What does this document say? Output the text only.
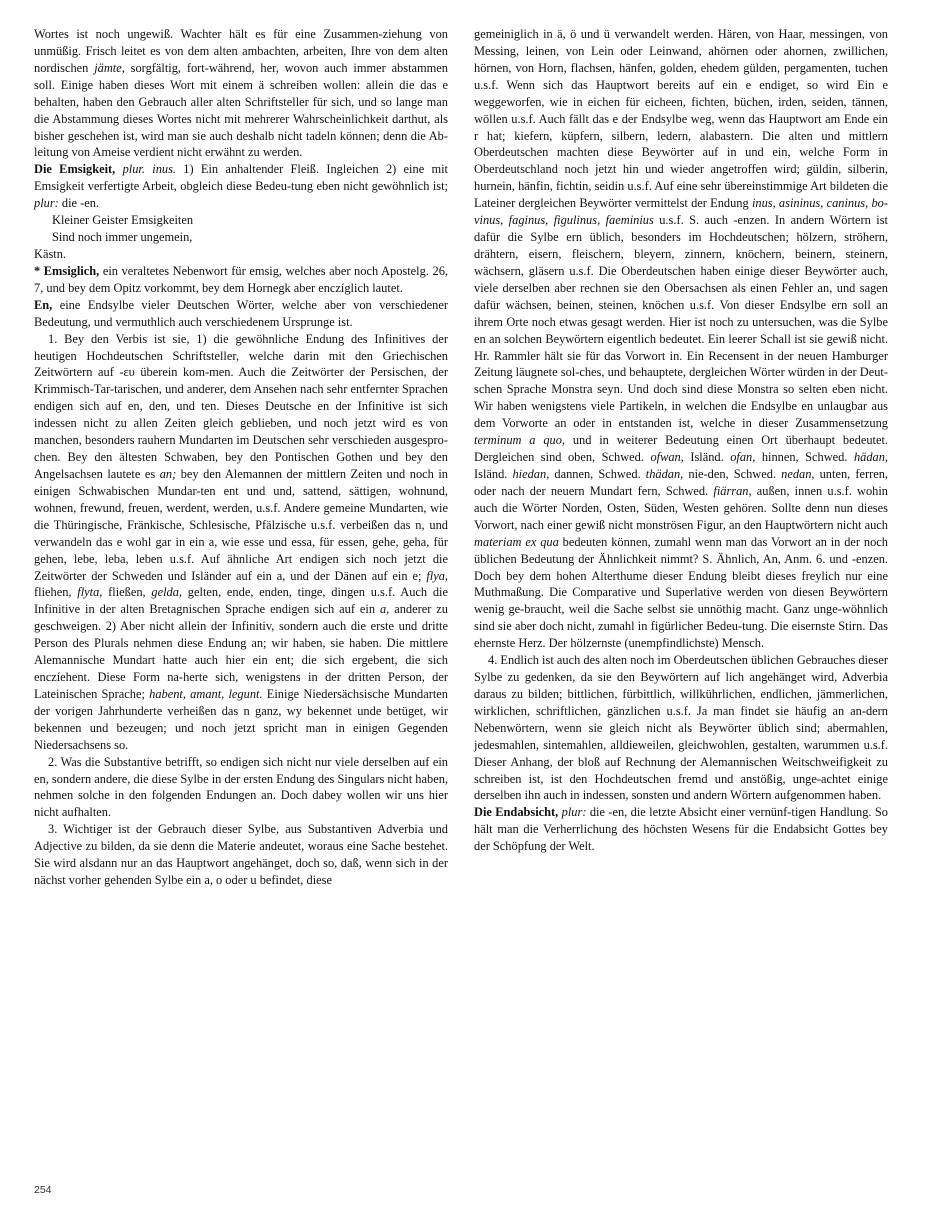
Wortes ist noch ungewiß. Wachter hält es für eine Zusammen-ziehung von unmüßig. Frisch leitet es von dem alten ambachten, arbeiten, Ihre von dem alten nordischen jämte, sorgfältig, fort-während, her, wovon auch immer abstammen soll. Einige haben dieses Wort mit einem ä schreiben wollen: allein die das e behalten, haben den Gebrauch aller alten Schriftsteller für sich, und so lange man die Abstammung dieses Wortes nicht mit mehrerer Wahrscheinlichkeit darthut, als bisher geschehen ist, wird man sie auch deshalb nicht tadeln können; denn die Ab-leitung von Ameise verdient nicht erwähnt zu werden.

Die Emsigkeit, plur. inus. 1) Ein anhaltender Fleiß. Ingleichen 2) eine mit Emsigkeit verfertigte Arbeit, obgleich diese Bedeu-tung eben nicht gewöhnlich ist; plur: die -en.

Kleiner Geister Emsigkeiten

Sind noch immer ungemein,

Kästn.

* Emsiglich, ein veraltetes Nebenwort für emsig, welches aber noch Apostelg. 26, 7, und bey dem Opitz vorkommt, bey dem Hornegk aber enczíglich lautet.

En, eine Endsylbe vieler Deutschen Wörter, welche aber von verschiedener Bedeutung, und vermuthlich auch verschiedenem Ursprunge ist.

1. Bey den Verbis ist sie, 1) die gewöhnliche Endung des Infinitives der heutigen Hochdeutschen Schriftsteller, welche darin mit den Griechischen Zeitwörtern auf -ευ überein kom-men. Auch die Zeitwörter der Persischen, der Krimmisch-Tar-tarischen, und anderer, dem Ansehen nach sehr entfernter Sprachen endigen sich auf en, den, und ten. Dieses Deutsche en der Infinitive ist sich indessen nicht zu allen Zeiten gleich geblieben, und noch jetzt wird es von manchen, besonders rauhern Mundarten im Deutschen sehr verschieden ausgespro-chen. Bey den ältesten Schwaben, bey den Pontischen Gothen und bey den Angelsachsen lautete es an; bey den Alemannen der mittlern Zeiten und noch in einigen Schwabischen Mundar-ten ent und und, sattend, sättigen, wohnund, wohnen, frewund, freuen, werdent, werden, u.s.f. Andere gemeine Mundarten, wie die Thüringische, Fränkische, Schlesische, Pfälzische u.s.f. verbeißen das n, und verwandeln das e wohl gar in ein a, wie esse und essa, für essen, gehe, geha, für gehen, lebe, leba, leben u.s.f. Auf ähnliche Art endigen sich noch jetzt die Zeitwörter der Schweden und Isländer auf ein a, und der Dänen auf ein e; flyɑ, fliehen, flytɑ, fließen, geldɑ, gelten, ende, enden, tinge, dingen u.s.f. Auch die Infinitive in der alten Bretagnischen Sprache endigen sich auf ein a, anderer zu geschweigen. 2) Aber nicht allein der Infinitiv, sondern auch die erste und dritte Person des Plurals nehmen diese Endung an; wir haben, sie haben. Die mittlere Alemannische Mundart hatte auch hier ein ent; die sich ergebent, die sich enczíehent. Diese Form na-herte sich, wenigstens in der dritten Person, der Lateinischen Sprache; habent, amant, legunt. Einige Niedersächsische Mundarten der vorigen Jahrhunderte verheißen das n ganz, wy bekennet unde betüget, wir bekennen und bezeugen; und noch jetzt spricht man in einigen Gegenden Niedersachsens so.

2. Was die Substantive betrifft, so endigen sich nicht nur viele derselben auf ein en, sondern andere, die diese Sylbe in der ersten Endung des Singulars nicht haben, nehmen solche in den folgenden Endungen an. Doch dabey wollen wir uns hier nicht aufhalten.

3. Wichtiger ist der Gebrauch dieser Sylbe, aus Substantiven Adverbia und Adjective zu bilden, da sie denn die Materie andeutet, woraus eine Sache bestehet. Sie wird alsdann nur an das Hauptwort angehänget, doch so, daß, wenn sich in der nächst vorher gehenden Sylbe ein a, o oder u befindet, diese

gemeiniglich in ä, ö und ü verwandelt werden. Hären, von Haar, messingen, von Messing, leinen, von Lein oder Leinwand, ahörnen oder ahornen, zwillichen, hörnen, von Horn, flachsen, hänfen, golden, ehedem gülden, pergamenten, tuchen u.s.f. Wenn sich das Hauptwort bereits auf ein e endiget, so wird Ein e weggeworfen, wie in eichen für eicheen, fichten, büchen, irden, seiden, tännen, wöllen u.s.f. Auch fällt das e der Endsylbe weg, wenn das Hauptwort am Ende ein r hat; kiefern, küpfern, silbern, ledern, alabastern. Die alten und mittlern Oberdeutschen machten diese Beywörter auf in und ein, welche Form in Oberdeutschland noch jetzt hin und wieder angetroffen wird; güldin, silberin, hurnein, hänfin, fichtin, seidin u.s.f. Auf eine sehr übereinstimmige Art bildeten die Lateiner dergleichen Beywörter vermittelst der Endung inus, asininus, caninus, bo-vinus, faginus, figulinus, faeminius u.s.f. S. auch -enzen. In andern Wörtern ist dafür die Sylbe ern üblich, besonders im Hochdeutschen; hölzern, ströhern, drähtern, eisern, fleischern, bleyern, zinnern, knöchern, beinern, steinern, wächsern, gläsern u.s.f. Die Oberdeutschen haben einige dieser Beywörter auch, viele derselben aber rechnen sie den Obersachsen als einen Fehler an, und sagen dafür wächsen, beinen, steinen, knöchen u.s.f. Von dieser Endsylbe ern soll an ihrem Orte noch etwas gesagt werden. Hier ist noch zu untersuchen, was die Sylbe en an solchen Beywörtern eigentlich bedeutet. Ein leerer Schall ist sie gewiß nicht. Hr. Rammler hält sie für das Vorwort in. Ein Recensent in der neuen Hamburger Zeitung läugnete sol-ches, und behauptete, dergleichen Wörter würden in der Deut-schen Sprache Monstra seyn. Und doch sind diese Monstra so selten eben nicht. Wir haben wenigstens viele Partikeln, in welchen die Endsylbe en unlaugbar aus dem Vorworte an oder in entstanden ist, welche in dieser Zusammensetzung terminum a quo, und in weiterer Bedeutung einen Ort überhaupt bedeutet. Dergleichen sind oben, Schwed. ofwan, Isländ. ofan, hinnen, Schwed. hädan, Isländ. hiedan, dannen, Schwed. thädan, nie-den, Schwed. nedan, unten, ferren, oder nach der neuern Mundart fern, Schwed. fiärran, außen, innen u.s.f. wohin auch die Wörter Norden, Osten, Süden, Westen gehören. Sollte denn nun dieses Vorwort, nach einer gewiß nicht monströsen Figur, an den Hauptwörtern nicht auch materiam ex qua bedeuten können, zumahl wenn man das Vorwort an in der noch üblichen Bedeutung der Ähnlichkeit nimmt? S. Ähnlich, An, Anm. 6. und -enzen. Doch bey dem hohen Alterthume dieser Endung bleibt dieses freylich nur eine Muthmaßung. Die Comparative und Superlative werden von diesen Beywörtern wenig ge-braucht, weil die Sache selbst sie unnöthig macht. Ganz unge-wöhnlich sind sie aber doch nicht, zumahl in figürlicher Bedeu-tung. Die eisernste Stirn. Das ehernste Herz. Der hölzernste (unempfindlichste) Mensch.

4. Endlich ist auch des alten noch im Oberdeutschen üblichen Gebrauches dieser Sylbe zu gedenken, da sie den Beywörtern auf lich angehänget wird, Adverbia daraus zu bilden; bittlichen, fürbittlich, willkührlichen, endlichen, jämmerlichen, wirklichen, schriftlichen, gänzlichen u.s.f. Ja man findet sie häufig an an-dern Nebenwörtern, wenn sie gleich nicht als Beywörter üblich sind; abermahlen, jedesmahlen, sintemahlen, alldieweilen, gleichwohlen, gestalten, warummen u.s.f. Dieser Anhang, der bloß auf Rechnung der Alemannischen Weitschweifigkeit zu schreiben ist, ist den Hochdeutschen fremd und anstößig, unge-achtet einige derselben ihn auch in indessen, sonsten und andern Wörtern aufgenommen haben.

Die Endabsicht, plur: die -en, die letzte Absicht einer vernünf-tigen Handlung. So hält man die Verherrlichung des höchsten Wesens für die Endabsicht Gottes bey der Schöpfung der Welt.

254
